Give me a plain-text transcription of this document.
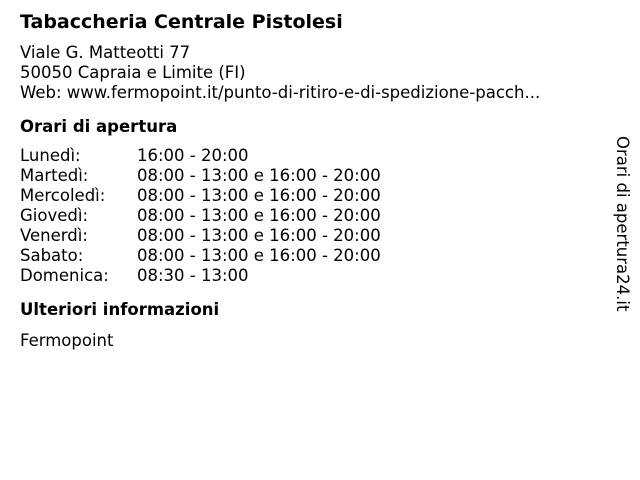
Tabaccheria Centrale Pistolesi
Viale G. Matteotti 77
50050 Capraia e Limite (FI)
Web: www.fermopoint.it/punto-di-ritiro-e-di-spedizione-pacch...
Orari di apertura
Lunedì:	16:00 - 20:00
Martedì:	08:00 - 13:00 e 16:00 - 20:00
Mercoledì:	08:00 - 13:00 e 16:00 - 20:00
Giovedì:	08:00 - 13:00 e 16:00 - 20:00
Venerdì:	08:00 - 13:00 e 16:00 - 20:00
Sabato:	08:00 - 13:00 e 16:00 - 20:00
Domenica:	08:30 - 13:00
Ulteriori informazioni
Fermopoint
Orari di apertura24.it
